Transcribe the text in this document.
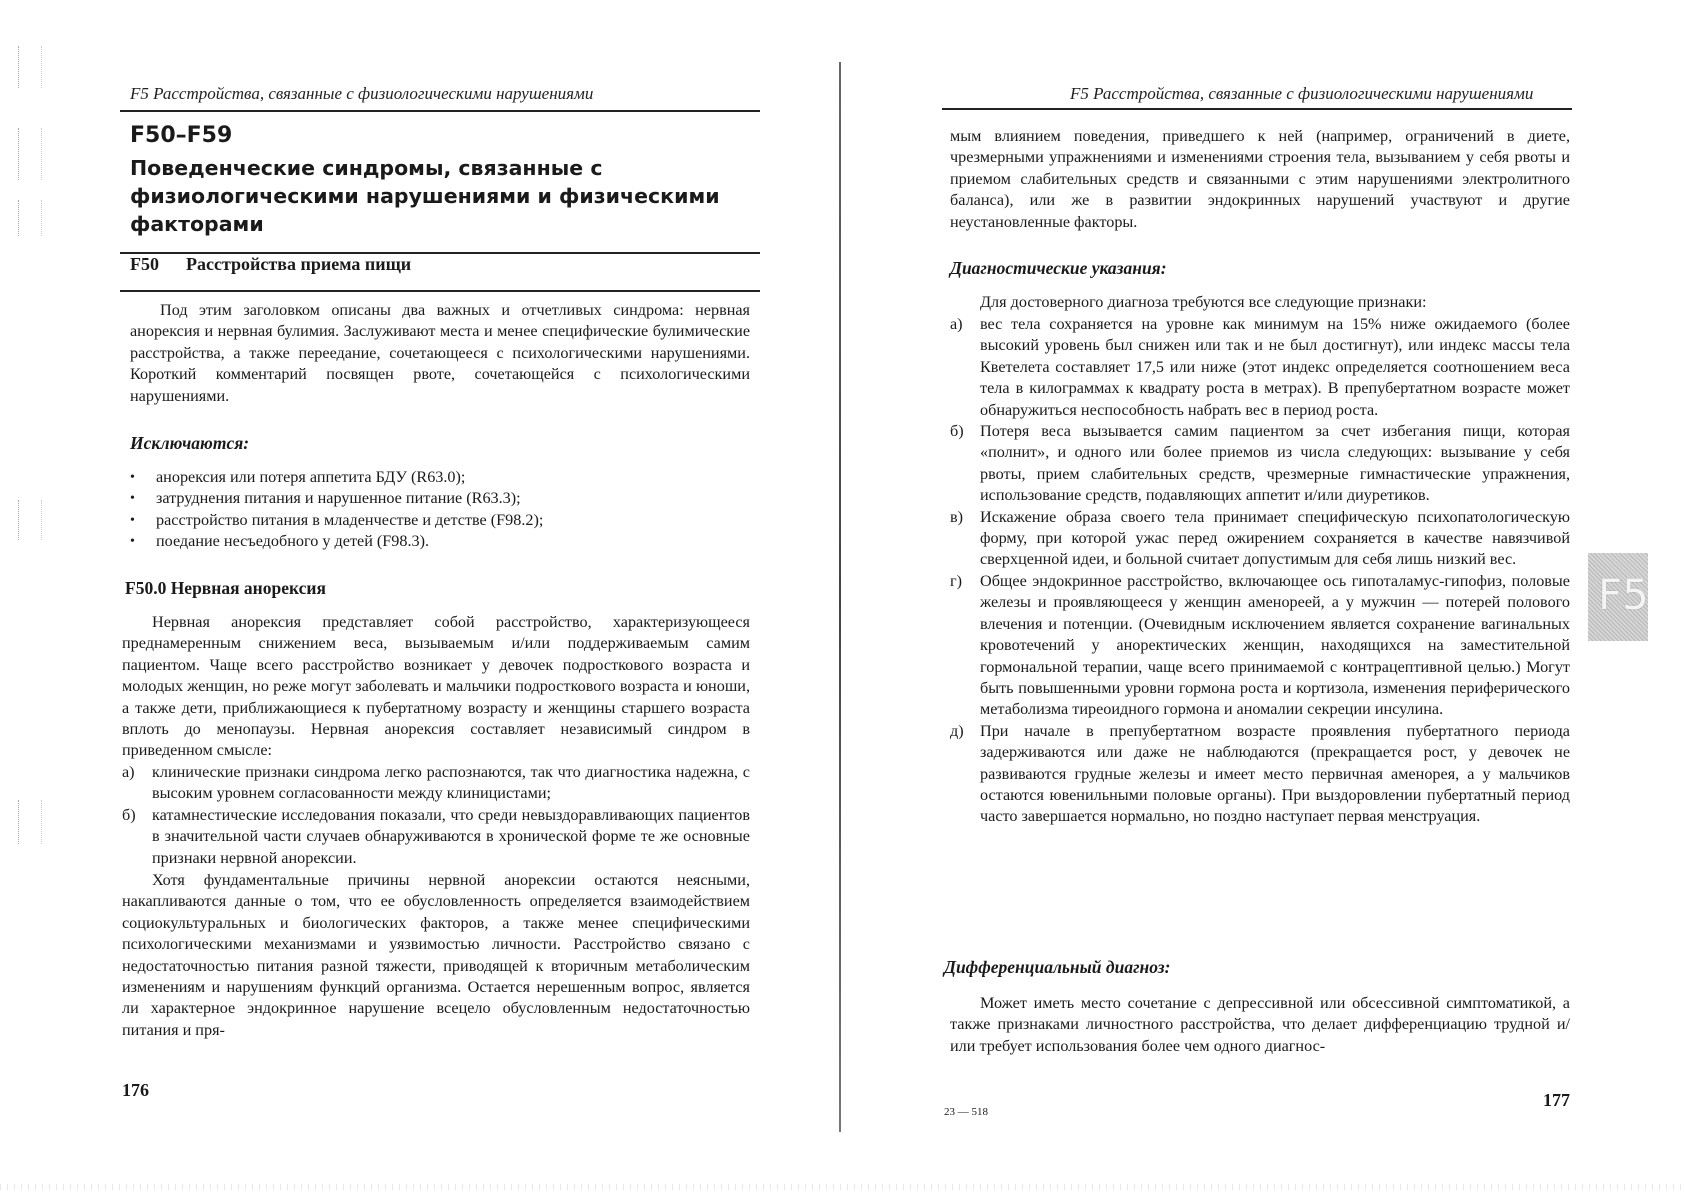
F5 Расстройства, связанные с физиологическими нарушениями
F50–F59
Поведенческие синдромы, связанные с физиологическими нарушениями и физическими факторами
F50 Расстройства приема пищи

Под этим заголовком описаны два важных и отчетливых синдрома: нервная анорексия и нервная булимия. Заслуживают места и менее специфические булимические расстройства, а также переедание, сочетающееся с психологическими нарушениями. Короткий комментарий посвящен рвоте, сочетающейся с психологическими нарушениями.

Исключаются:
• анорексия или потеря аппетита БДУ (R63.0);
• затруднения питания и нарушенное питание (R63.3);
• расстройство питания в младенчестве и детстве (F98.2);
• поедание несъедобного у детей (F98.3).
F50.0 Нервная анорексия

Нервная анорексия представляет собой расстройство, характеризующееся преднамеренным снижением веса, вызываемым и/или поддерживаемым самим пациентом. Чаще всего расстройство возникает у девочек подросткового возраста и молодых женщин, но реже могут заболевать и мальчики подросткового возраста и юноши, а также дети, приближающиеся к пубертатному возрасту и женщины старшего возраста вплоть до менопаузы. Нервная анорексия составляет независимый синдром в приведенном смысле:

а) клинические признаки синдрома легко распознаются, так что диагностика надежна, с высоким уровнем согласованности между клиницистами;
б) катамнестические исследования показали, что среди невыздоравливающих пациентов в значительной части случаев обнаруживаются в хронической форме те же основные признаки нервной анорексии.

Хотя фундаментальные причины нервной анорексии остаются неясными, накапливаются данные о том, что ее обусловленность определяется взаимодействием социокультуральных и биологических факторов, а также менее специфическими психологическими механизмами и уязвимостью личности. Расстройство связано с недостаточностью питания разной тяжести, приводящей к вторичным метаболическим изменениям и нарушениям функций организма. Остается нерешенным вопрос, является ли характерное эндокринное нарушение всецело обусловленным недостаточностью питания и пря-

176
F5 Расстройства, связанные с физиологическими нарушениями

мым влиянием поведения, приведшего к ней (например, ограничений в диете, чрезмерными упражнениями и изменениями строения тела, вызыванием у себя рвоты и приемом слабительных средств и связанными с этим нарушениями электролитного баланса), или же в развитии эндокринных нарушений участвуют и другие неустановленные факторы.

Диагностические указания:

Для достоверного диагноза требуются все следующие признаки:

а) вес тела сохраняется на уровне как минимум на 15% ниже ожидаемого (более высокий уровень был снижен или так и не был достигнут), или индекс массы тела Кветелета составляет 17,5 или ниже (этот индекс определяется соотношением веса тела в килограммах к квадрату роста в метрах). В препубертатном возрасте может обнаружиться неспособность набрать вес в период роста.
б) Потеря веса вызывается самим пациентом за счет избегания пищи, которая «полнит», и одного или более приемов из числа следующих: вызывание у себя рвоты, прием слабительных средств, чрезмерные гимнастические упражнения, использование средств, подавляющих аппетит и/или диуретиков.
в) Искажение образа своего тела принимает специфическую психопатологическую форму, при которой ужас перед ожирением сохраняется в качестве навязчивой сверхценной идеи, и больной считает допустимым для себя лишь низкий вес.
г) Общее эндокринное расстройство, включающее ось гипоталамус-гипофиз, половые железы и проявляющееся у женщин аменореей, а у мужчин — потерей полового влечения и потенции. (Очевидным исключением является сохранение вагинальных кровотечений у аноректических женщин, находящихся на заместительной гормональной терапии, чаще всего принимаемой с контрацептивной целью.) Могут быть повышенными уровни гормона роста и кортизола, изменения периферического метаболизма тиреоидного гормона и аномалии секреции инсулина.
д) При начале в препубертатном возрасте проявления пубертатного периода задерживаются или даже не наблюдаются (прекращается рост, у девочек не развиваются грудные железы и имеет место первичная аменорея, а у мальчиков остаются ювенильными половые органы). При выздоровлении пубертатный период часто завершается нормально, но поздно наступает первая менструация.
Дифференциальный диагноз:

Может иметь место сочетание с депрессивной или обсессивной симптоматикой, а также признаками личностного расстройства, что делает дифференциацию трудной и/или требует использования более чем одного диагнос-

23 — 518
177
F5
